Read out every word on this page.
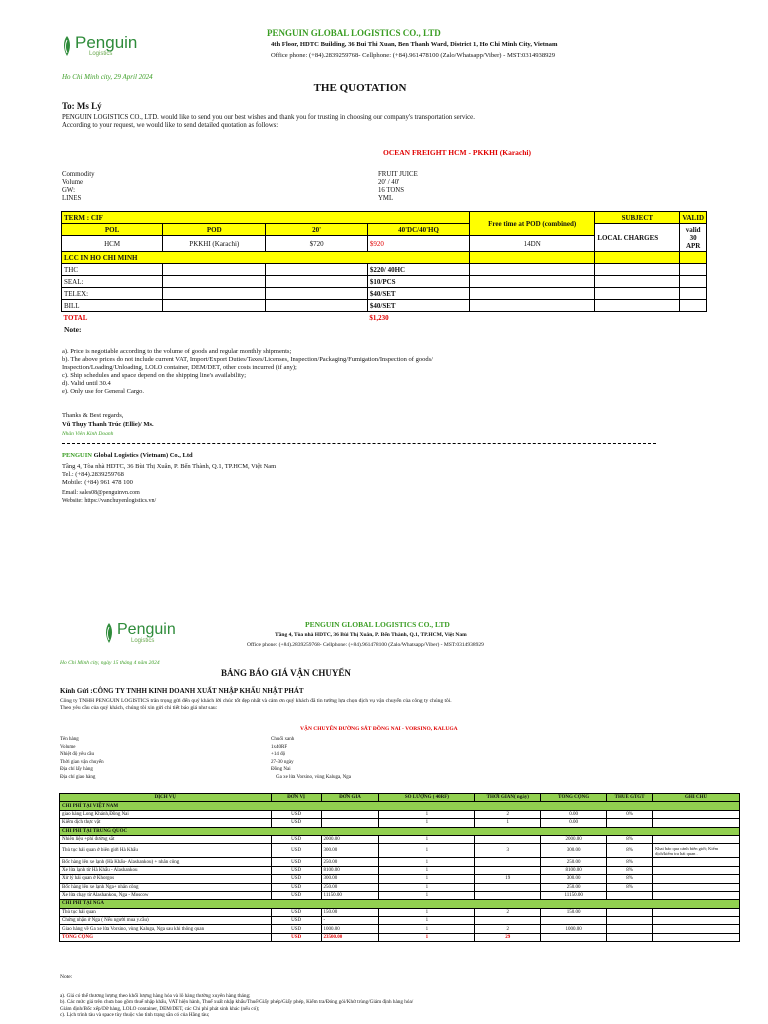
Penguin
Logistics
PENGUIN GLOBAL LOGISTICS CO., LTD
4th Floor, HDTC Building, 36 Bui Thi Xuan, Ben Thanh Ward, District 1, Ho Chi Minh City, Vietnam
Office phone: (+84).2839259768- Cellphone: (+84).961478100 (Zalo/Whatsapp/Viber) - MST:0314938929
Ho Chi Minh city, 29 April 2024
THE QUOTATION
To: Ms Lý
PENGUIN LOGISTICS CO., LTD. would like to send you our best wishes and thank you for trusting in choosing our company's transportation service.
According to your request, we would like to send detailed quotation as follows:
OCEAN FREIGHT HCM - PKKHI (Karachi)
Commodity	FRUIT JUICE
Volume	20' / 40'
GW:	16 TONS
LINES	YML
TERM : CIF				Free time at POD (combined)	SUBJECT	VALID
POL	POD	20'	40'DC/40'HQ		LOCAL CHARGES	valid 30 APR
HCM	PKKHI (Karachi)	$720	$920	14DN		
LCC IN HO CHI MINH						
THC			$220/ 40HC			
SEAL:			$10/PCS			
TELEX:			$40/SET			
BILL			$40/SET			
TOTAL			$1,230			
Note:
a). Price is negotiable according to the volume of goods and regular monthly shipments;
b). The above prices do not include current VAT, Import/Export Duties/Taxes/Licenses, Inspection/Packaging/Fumigation/Inspection of goods/
Inspection/Loading/Unloading, LOLO container, DEM/DET, other costs incurred (if any);
c). Ship schedules and space depend on the shipping line's availability;
d). Valid until 30.4
e). Only use for General Cargo.
Thanks & Best regards,
Vũ Thụy Thanh Trúc (Ellie)/ Ms.
Nhân Viên Kinh Doanh
PENGUIN Global Logistics (Vietnam) Co., Ltd
Tầng 4, Tòa nhà HDTC, 36 Bùi Thị Xuân, P. Bến Thành, Q.1, TP.HCM, Việt Nam
Tel.: (+84).2839259768
Mobile: (+84) 961 478 100
Email: sales08@penguinvn.com
Website: https://vanchuyenlogistics.vn/
Penguin
Logistics
PENGUIN GLOBAL LOGISTICS CO., LTD
Tầng 4, Tòa nhà HDTC, 36 Bùi Thị Xuân, P. Bến Thành, Q.1, TP.HCM, Việt Nam
Office phone: (+84).2839259768- Cellphone: (+84).961478100 (Zalo/Whatsapp/Viber) - MST:0314938929
Ho Chi Minh city, ngày 15 tháng 4 năm 2024
BẢNG BÁO GIÁ VẬN CHUYỂN
Kính Gửi :CÔNG TY TNHH KINH DOANH XUẤT NHẬP KHẨU NHẬT PHÁT
Công ty TNHH PENGUIN LOGISTICS trân trọng gửi đến quý khách lời chúc tốt đẹp nhất và cảm ơn quý khách đã tin tưởng lựa chọn dịch vụ vận chuyển của công ty chúng tôi.
Theo yêu cầu của quý khách, chúng tôi xin gửi chi tiết báo giá như sau:
VẬN CHUYỂN ĐƯỜNG SẮT ĐỒNG NAI - VORSINO, KALUGA
Tên hàng	Chuối xanh
Volume	1x40RF
Nhiệt độ yêu cầu	+14 độ
Thời gian vận chuyển	27-30 ngày
Địa chỉ lấy hàng	Đồng Nai
Địa chỉ giao hàng	Ga xe lửa Vorsino, vùng Kaluga, Nga
DỊCH VỤ	ĐƠN VỊ	ĐƠN GIÁ	SỐ LƯỢNG ( 40RF)	THỜI GIAN( ngày)	TỔNG CỘNG	THUẾ GTGT	GHI CHÚ
CHI PHÍ TẠI VIỆT NAM							
giao hàng Long Khánh,Đồng Nai	USD		1	2	0.00	0%	
Kiểm dịch thực vật	USD		1	1	0.00		
CHI PHÍ TẠI TRUNG QUỐC							
Nhiên liệu +phí đường sắt	USD	2000.00	1		2000.00	8%	
Thủ tục hải quan ở biên giới Hà Khẩu	USD	300.00	1	3	300.00	8%	Khai báo qua cảnh biên giới; Kiểm dịch/kiểm tra hải quan .
Bốc hàng lên xe lạnh (Hà Khẩu- Alashankou) + nhân công	USD	250.00	1		250.00	8%	
Xe lửa lạnh từ Hà Khẩu - Alashankou	USD	8100.00	1		8100.00	8%	
Xử lý hải quan ở Khorgos	USD	300.00	1	19	300.00	8%	
Bốc hàng lên xe lạnh Nga+ nhân công	USD	250.00	1		250.00	8%	
Xe lửa chạy từ Alashankou, Nga - Moscow	USD	11150.00	1		11150.00		
CHI PHÍ TẠI NGA							
Thủ tục hải quan	USD	150.00	1	2	150.00		
Chứng nhận ở Nga ( Nếu người mua y.cầu)	USD	-	1				
Giao hàng về Ga xe lửa Vorsino, vùng Kaluga, Nga sau khi thông quan	USD	1000.00	1	2	1000.00		
TỔNG CỘNG	USD	23500.00	1	29			
Note:
a). Giá có thể thương lượng theo khối lượng hàng hóa và lô hàng thường xuyên hàng tháng;
b). Các mức giá trên chưa bao gồm thuế nhập khẩu, VAT hiện hành, Thuế xuất nhập khẩu/Thuế/Giấy phép/Giấy phép, Kiểm tra/Đóng gói/Khử trùng/Giám định hàng hóa/
Giám định/Bốc xếp/Dỡ hàng, LOLO container, DEM/DET, các Chi phí phát sinh khác (nếu có);
c). Lịch trình tàu và space tùy thuộc vào tình trạng sẵn có của Hãng tàu;
